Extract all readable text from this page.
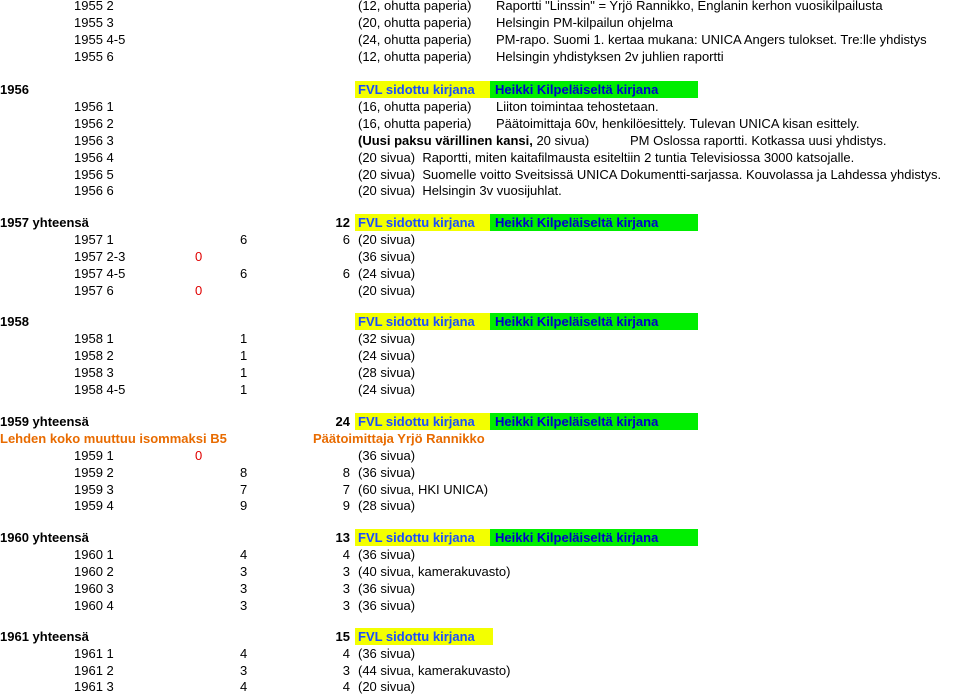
1955 2	(12, ohutta paperia) Raportti "Linssin" = Yrjö Rannikko, Englanin kerhon vuosikilpailusta
1955 3	(20, ohutta paperia) Helsingin PM-kilpailun ohjelma
1955 4-5	(24, ohutta paperia) PM-rapo. Suomi 1. kertaa mukana: UNICA Angers tulokset. Tre:lle yhdistys
1955 6	(12, ohutta paperia) Helsingin yhdistyksen 2v juhlien raportti
1956	FVL sidottu kirjana	Heikki Kilpeläiseltä kirjana
1956 1	(16, ohutta paperia) Liiton toimintaa tehostetaan.
1956 2	(16, ohutta paperia) Päätoimittaja 60v, henkilöesittely. Tulevan UNICA kisan esittely.
1956 3	(Uusi paksu värillinen kansi, 20 sivua)	PM Oslossa raportti. Kotkassa uusi yhdistys.
1956 4	(20 sivua) Raportti, miten kaitafilmausta esiteltiin 2 tuntia Televisiossa 3000 katsojalle.
1956 5	(20 sivua) Suomelle voitto Sveitsissä UNICA Dokumentti-sarjassa. Kouvolassa ja Lahdessa yhdistys.
1956 6	(20 sivua) Helsingin 3v vuosijuhlat.
1957 yhteensä	12 FVL sidottu kirjana	Heikki Kilpeläiseltä kirjana
1957 1	6	6 (20 sivua)
1957 2-3	0	(36 sivua)
1957 4-5	6	6 (24 sivua)
1957 6	0	(20 sivua)
1958	FVL sidottu kirjana	Heikki Kilpeläiseltä kirjana
1958 1	1	(32 sivua)
1958 2	1	(24 sivua)
1958 3	1	(28 sivua)
1958 4-5	1	(24 sivua)
1959 yhteensä	24 FVL sidottu kirjana	Heikki Kilpeläiseltä kirjana
Lehden koko muuttuu isommaksi B5	Päätoimittaja Yrjö Rannikko
1959 1	0	(36 sivua)
1959 2	8	8 (36 sivua)
1959 3	7	7 (60 sivua, HKI UNICA)
1959 4	9	9 (28 sivua)
1960 yhteensä	13 FVL sidottu kirjana	Heikki Kilpeläiseltä kirjana
1960 1	4	4 (36 sivua)
1960 2	3	3 (40 sivua, kamerakuvasto)
1960 3	3	3 (36 sivua)
1960 4	3	3 (36 sivua)
1961 yhteensä	15 FVL sidottu kirjana
1961 1	4	4 (36 sivua)
1961 2	3	3 (44 sivua, kamerakuvasto)
1961 3	4	4 (20 sivua)
